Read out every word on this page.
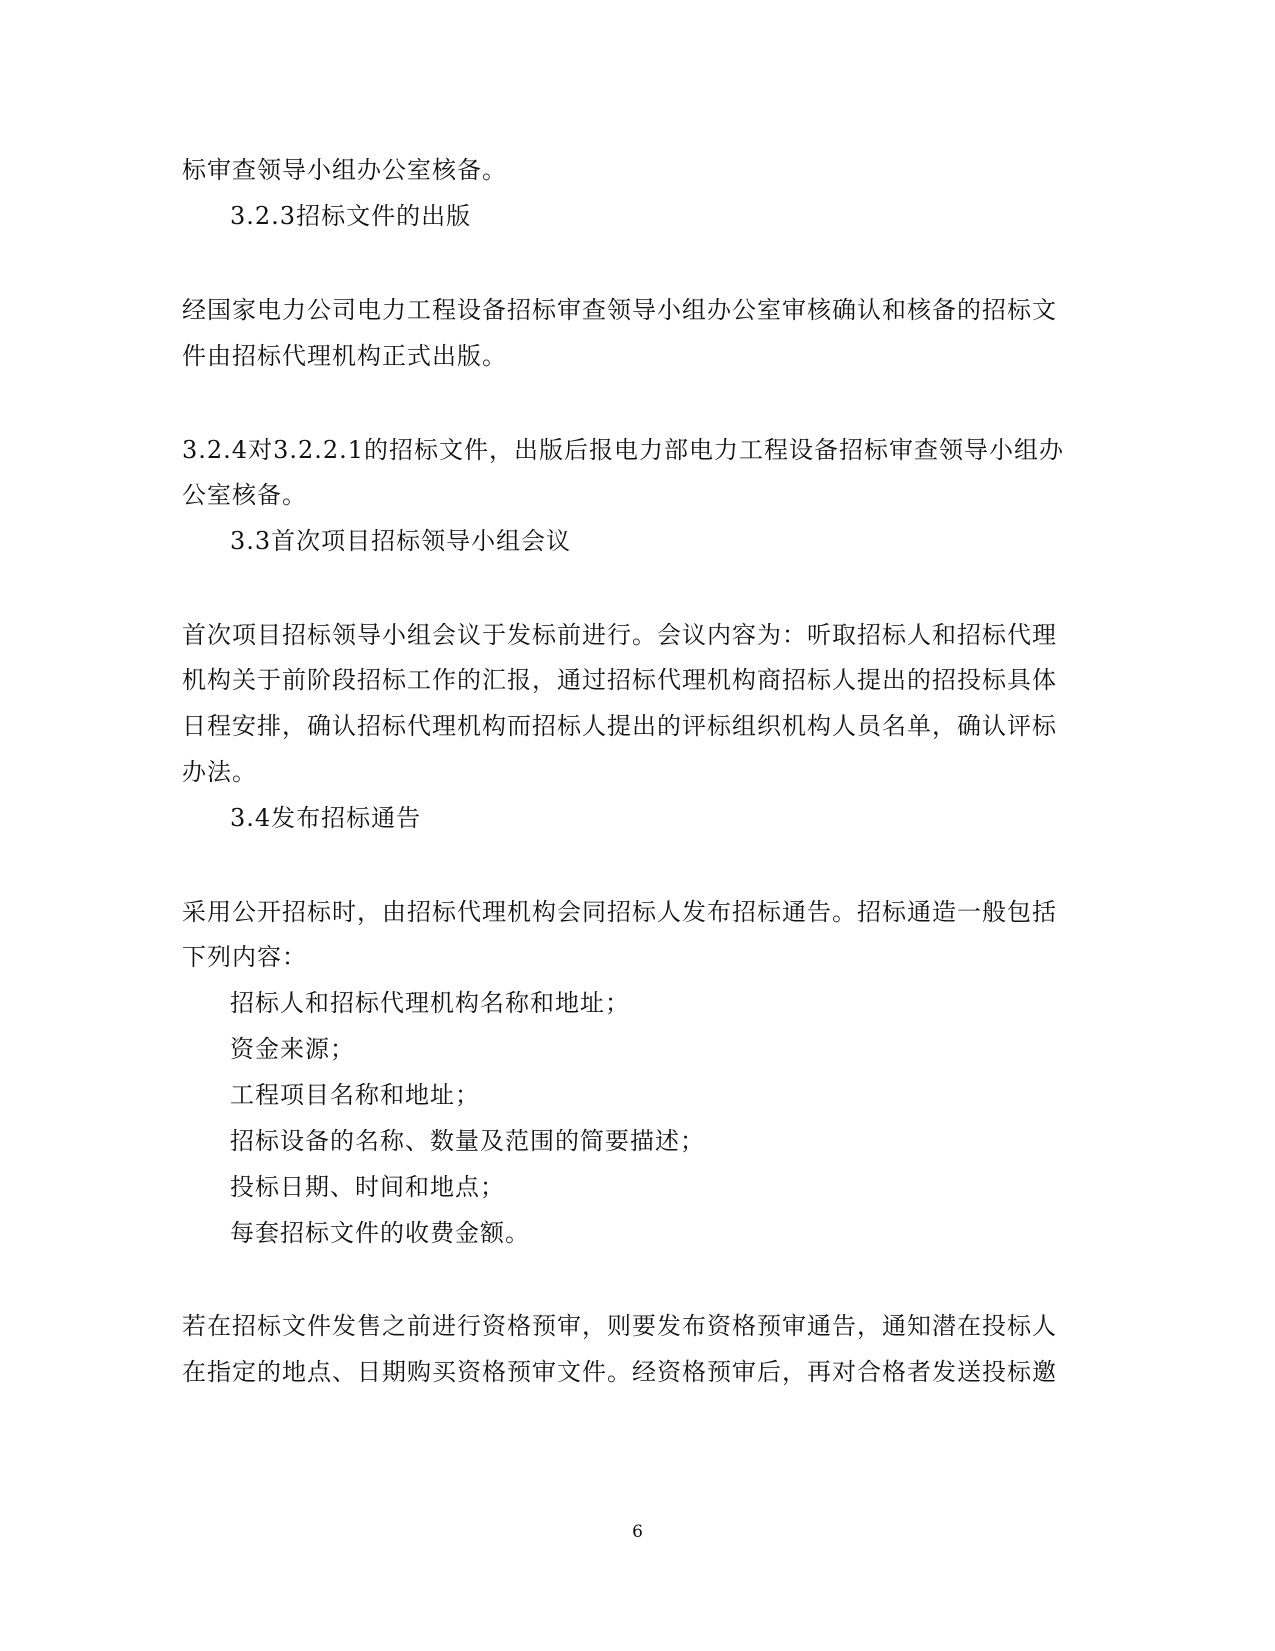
标审查领导小组办公室核备。
3.2.3招标文件的出版
经国家电力公司电力工程设备招标审查领导小组办公室审核确认和核备的招标文
件由招标代理机构正式出版。
3.2.4对3.2.2.1的招标文件，出版后报电力部电力工程设备招标审查领导小组办
公室核备。
3.3首次项目招标领导小组会议
首次项目招标领导小组会议于发标前进行。会议内容为：听取招标人和招标代理
机构关于前阶段招标工作的汇报，通过招标代理机构商招标人提出的招投标具体
日程安排，确认招标代理机构而招标人提出的评标组织机构人员名单，确认评标
办法。
3.4发布招标通告
采用公开招标时，由招标代理机构会同招标人发布招标通告。招标通造一般包括
下列内容：
招标人和招标代理机构名称和地址；
资金来源；
工程项目名称和地址；
招标设备的名称、数量及范围的简要描述；
投标日期、时间和地点；
每套招标文件的收费金额。
若在招标文件发售之前进行资格预审，则要发布资格预审通告，通知潜在投标人
在指定的地点、日期购买资格预审文件。经资格预审后，再对合格者发送投标邀
6
